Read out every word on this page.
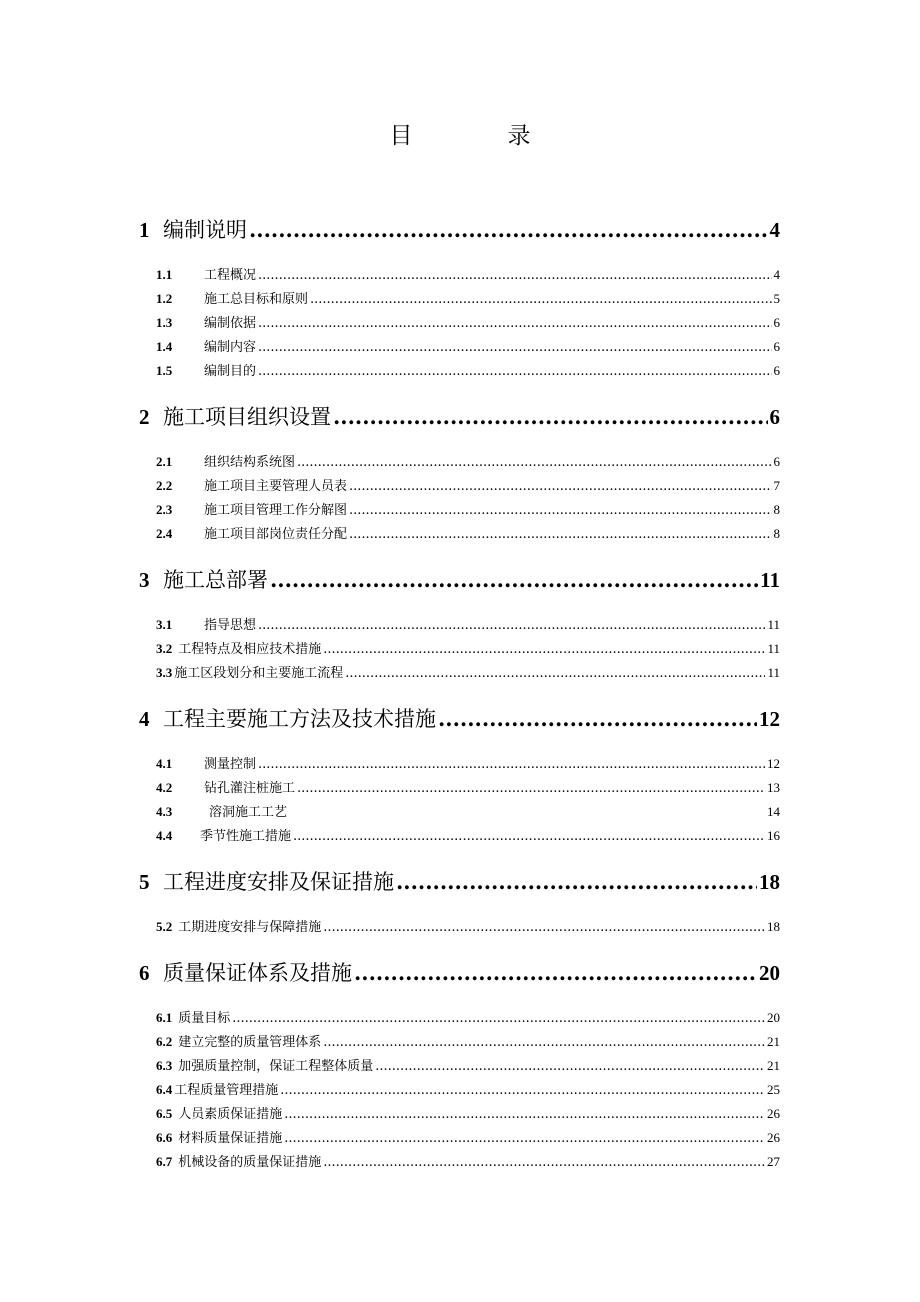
目　录
1 编制说明 .....	4
1.1	工程概况 .....	4
1.2	施工总目标和原则 .....	5
1.3	编制依据 .....	6
1.4	编制内容 .....	6
1.5	编制目的 .....	6
2 施工项目组织设置 .....	6
2.1	组织结构系统图 .....	6
2.2	施工项目主要管理人员表 .....	7
2.3	施工项目管理工作分解图 .....	8
2.4	施工项目部岗位责任分配 .....	8
3 施工总部署 .....	11
3.1	指导思想 .....	11
3.2 工程特点及相应技术措施 .....	11
3.3 施工区段划分和主要施工流程 .....	11
4 工程主要施工方法及技术措施 .....	12
4.1	测量控制 .....	12
4.2	钻孔灌注桩施工 .....	13
4.3	溶洞施工工艺	14
4.4	季节性施工措施 .....	16
5 工程进度安排及保证措施 .....	18
5.2 工期进度安排与保障措施 .....	18
6 质量保证体系及措施 .....	20
6.1 质量目标 .....	20
6.2 建立完整的质量管理体系 .....	21
6.3 加强质量控制，保证工程整体质量 .....	21
6.4 工程质量管理措施 .....	25
6.5 人员素质保证措施 .....	26
6.6 材料质量保证措施 .....	26
6.7 机械设备的质量保证措施 .....	27
